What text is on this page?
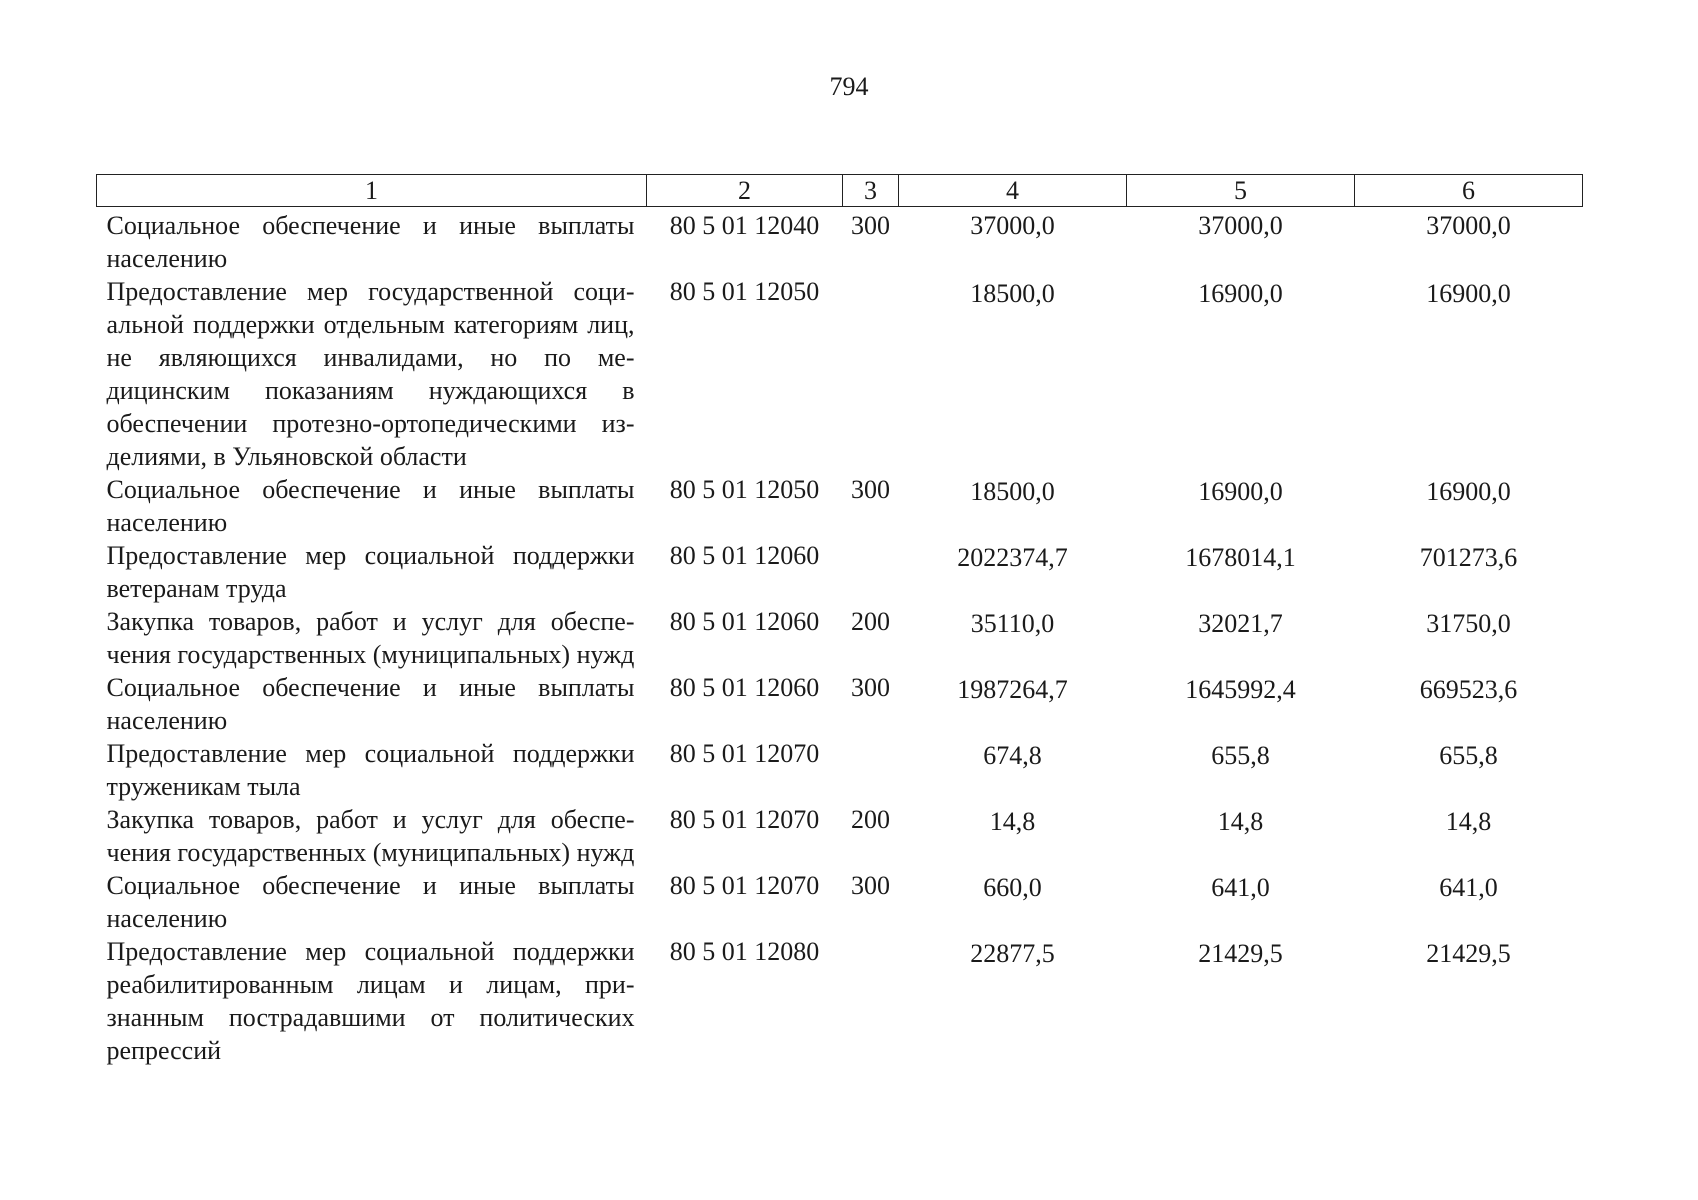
794
1	2	3	4	5	6
Социальное обеспечение и иные выплаты населению	80 5 01 12040	300	37000,0	37000,0	37000,0
Предоставление мер государственной социальной поддержки отдельным категориям лиц, не являющихся инвалидами, но по медицинским показаниям нуждающихся в обеспечении протезно-ортопедическими изделиями, в Ульяновской области	80 5 01 12050		18500,0	16900,0	16900,0
Социальное обеспечение и иные выплаты населению	80 5 01 12050	300	18500,0	16900,0	16900,0
Предоставление мер социальной поддержки ветеранам труда	80 5 01 12060		2022374,7	1678014,1	701273,6
Закупка товаров, работ и услуг для обеспечения государственных (муниципальных) нужд	80 5 01 12060	200	35110,0	32021,7	31750,0
Социальное обеспечение и иные выплаты населению	80 5 01 12060	300	1987264,7	1645992,4	669523,6
Предоставление мер социальной поддержки труженикам тыла	80 5 01 12070		674,8	655,8	655,8
Закупка товаров, работ и услуг для обеспечения государственных (муниципальных) нужд	80 5 01 12070	200	14,8	14,8	14,8
Социальное обеспечение и иные выплаты населению	80 5 01 12070	300	660,0	641,0	641,0
Предоставление мер социальной поддержки реабилитированным лицам и лицам, признанным пострадавшими от политических репрессий	80 5 01 12080		22877,5	21429,5	21429,5
